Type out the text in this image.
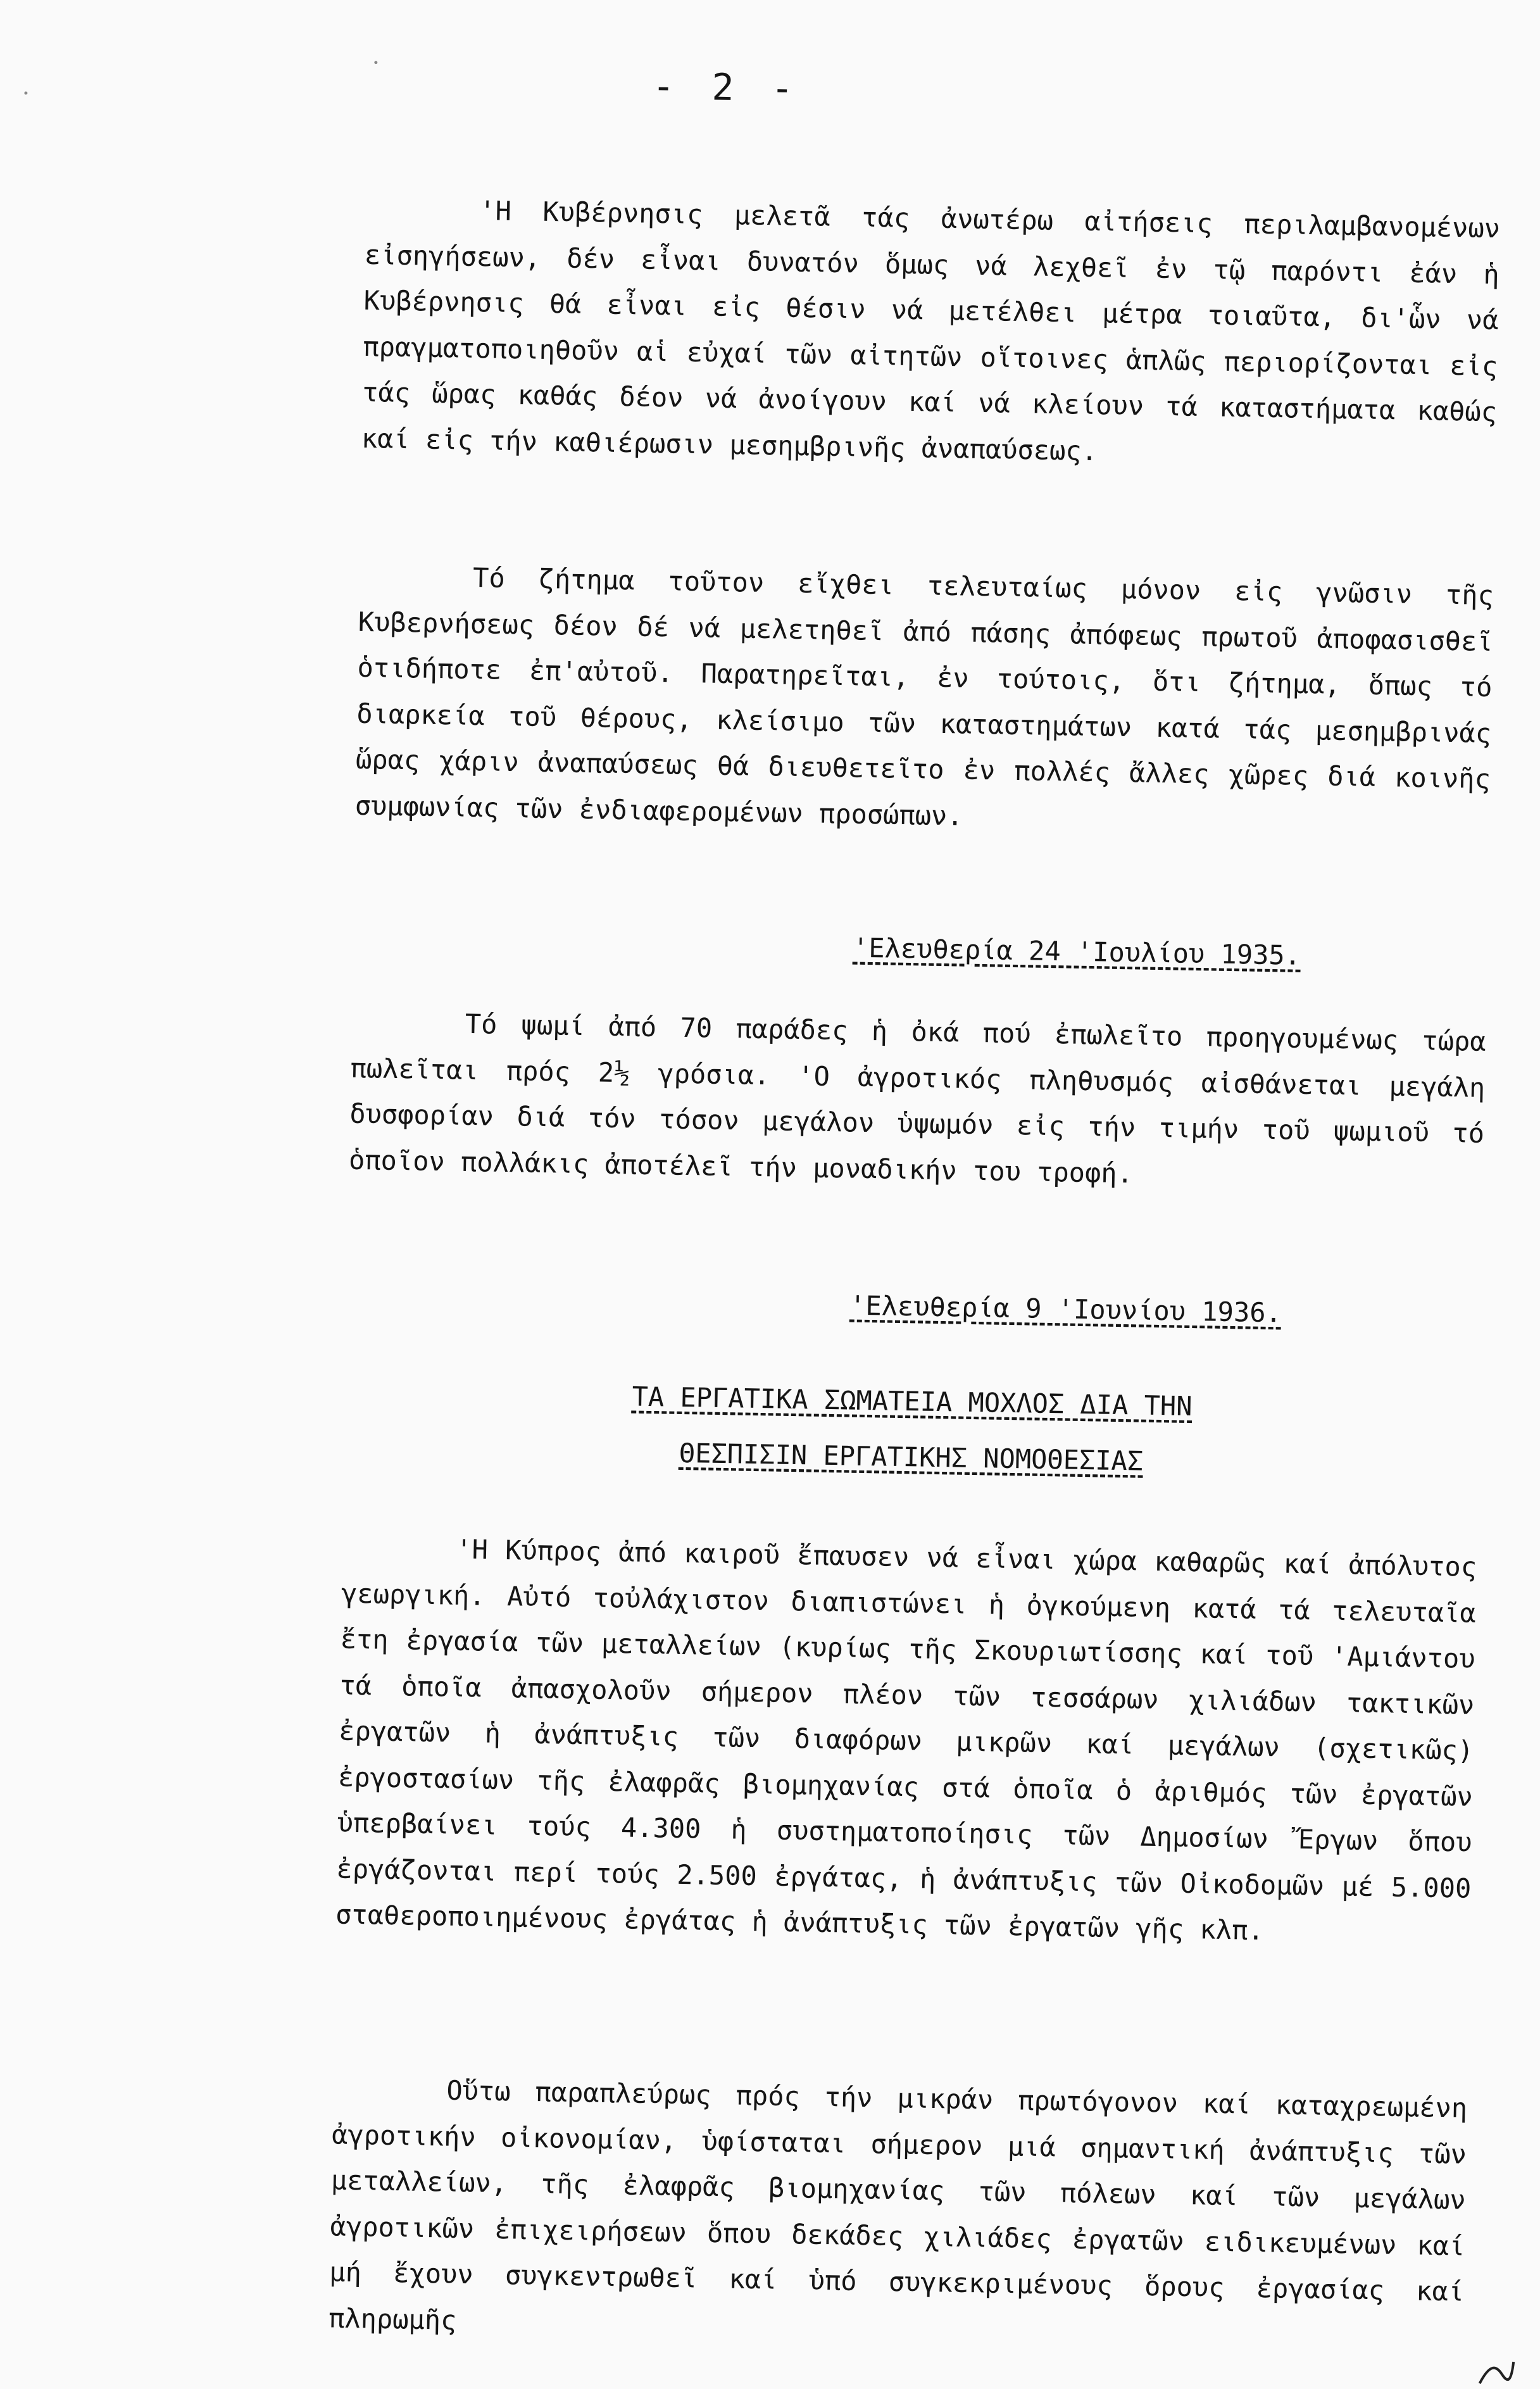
- 2 -

'Η Κυβέρνησις μελετᾶ τάς ἀνωτέρω αἰτήσεις περιλαμβανομένων εἰσηγήσεων, δέν εἶναι δυνατόν ὅμως νά λεχθεῖ ἐν τῷ παρόντι ἐάν ἡ Κυβέρνησις θά εἶναι εἰς θέσιν νά μετέλθει μέτρα τοιαῦτα, δι'ὧν νά πραγματοποιηθοῦν αἱ εὐχαί τῶν αἰτητῶν οἵτοινες ἁπλῶς περιορίζονται εἰς τάς ὥρας καθάς δέον νά ἀνοίγουν καί νά κλείουν τά καταστήματα καθώς καί εἰς τήν καθιέρωσιν μεσημβρινῆς ἀναπαύσεως.

Τό ζήτημα τοῦτον εἴχθει τελευταίως μόνον εἰς γνῶσιν τῆς Κυβερνήσεως δέον δέ νά μελετηθεῖ ἀπό πάσης ἀπόφεως πρωτοῦ ἀποφασισθεῖ ὁτιδήποτε ἐπ'αὐτοῦ. Παρατηρεῖται, ἐν τούτοις, ὅτι ζήτημα, ὅπως τό διαρκεία τοῦ θέρους, κλείσιμο τῶν καταστημάτων κατά τάς μεσημβρινάς ὥρας χάριν ἀναπαύσεως θά διευθετεῖτο ἐν πολλές ἄλλες χῶρες διά κοινῆς συμφωνίας τῶν ἐνδιαφερομένων προσώπων.

'Ελευθερία 24 'Ιουλίου 1935.

Τό ψωμί ἀπό 70 παράδες ἡ ὀκά πού ἐπωλεῖτο προηγουμένως τώρα πωλεῖται πρός 2½ γρόσια. 'Ο ἀγροτικός πληθυσμός αἰσθάνεται μεγάλη δυσφορίαν διά τόν τόσον μεγάλον ὑψωμόν εἰς τήν τιμήν τοῦ ψωμιοῦ τό ὁποῖον πολλάκις ἀποτέλεῖ τήν μοναδικήν του τροφή.

'Ελευθερία 9 'Ιουνίου 1936.
ΤΑ ΕΡΓΑΤΙΚΑ ΣΩΜΑΤΕΙΑ ΜΟΧΛΟΣ ΔΙΑ ΤΗΝ
ΘΕΣΠΙΣΙΝ ΕΡΓΑΤΙΚΗΣ ΝΟΜΟΘΕΣΙΑΣ

'Η Κύπρος ἀπό καιροῦ ἔπαυσεν νά εἶναι χώρα καθαρῶς καί ἀπόλυτος γεωργική. Αὐτό τοὐλάχιστον διαπιστώνει ἡ ὀγκούμενη κατά τά τελευταῖα ἔτη ἐργασία τῶν μεταλλείων (κυρίως τῆς Σκουριωτίσσης καί τοῦ 'Αμιάντου τά ὁποῖα ἀπασχολοῦν σήμερον πλέον τῶν τεσσάρων χιλιάδων τακτικῶν ἐργατῶν ἡ ἀνάπτυξις τῶν διαφόρων μικρῶν καί μεγάλων (σχετικῶς) ἐργοστασίων τῆς ἐλαφρᾶς βιομηχανίας στά ὁποῖα ὁ ἀριθμός τῶν ἐργατῶν ὑπερβαίνει τούς 4.300 ἡ συστηματοποίησις τῶν Δημοσίων Ἔργων ὅπου ἐργάζονται περί τούς 2.500 ἐργάτας, ἡ ἀνάπτυξις τῶν Οἰκοδομῶν μέ 5.000 σταθεροποιημένους ἐργάτας ἡ ἀνάπτυξις τῶν ἐργατῶν γῆς κλπ.

Οὕτω παραπλεύρως πρός τήν μικράν πρωτόγονον καί καταχρεωμένη ἀγροτικήν οἰκονομίαν, ὑφίσταται σήμερον μιά σημαντική ἀνάπτυξις τῶν μεταλλείων, τῆς ἐλαφρᾶς βιομηχανίας τῶν πόλεων καί τῶν μεγάλων ἀγροτικῶν ἐπιχειρήσεων ὅπου δεκάδες χιλιάδες ἐργατῶν ειδικευμένων καί μή ἔχουν συγκεντρωθεῖ καί ὑπό συγκεκριμένους ὅρους ἐργασίας καί πληρωμῆς
